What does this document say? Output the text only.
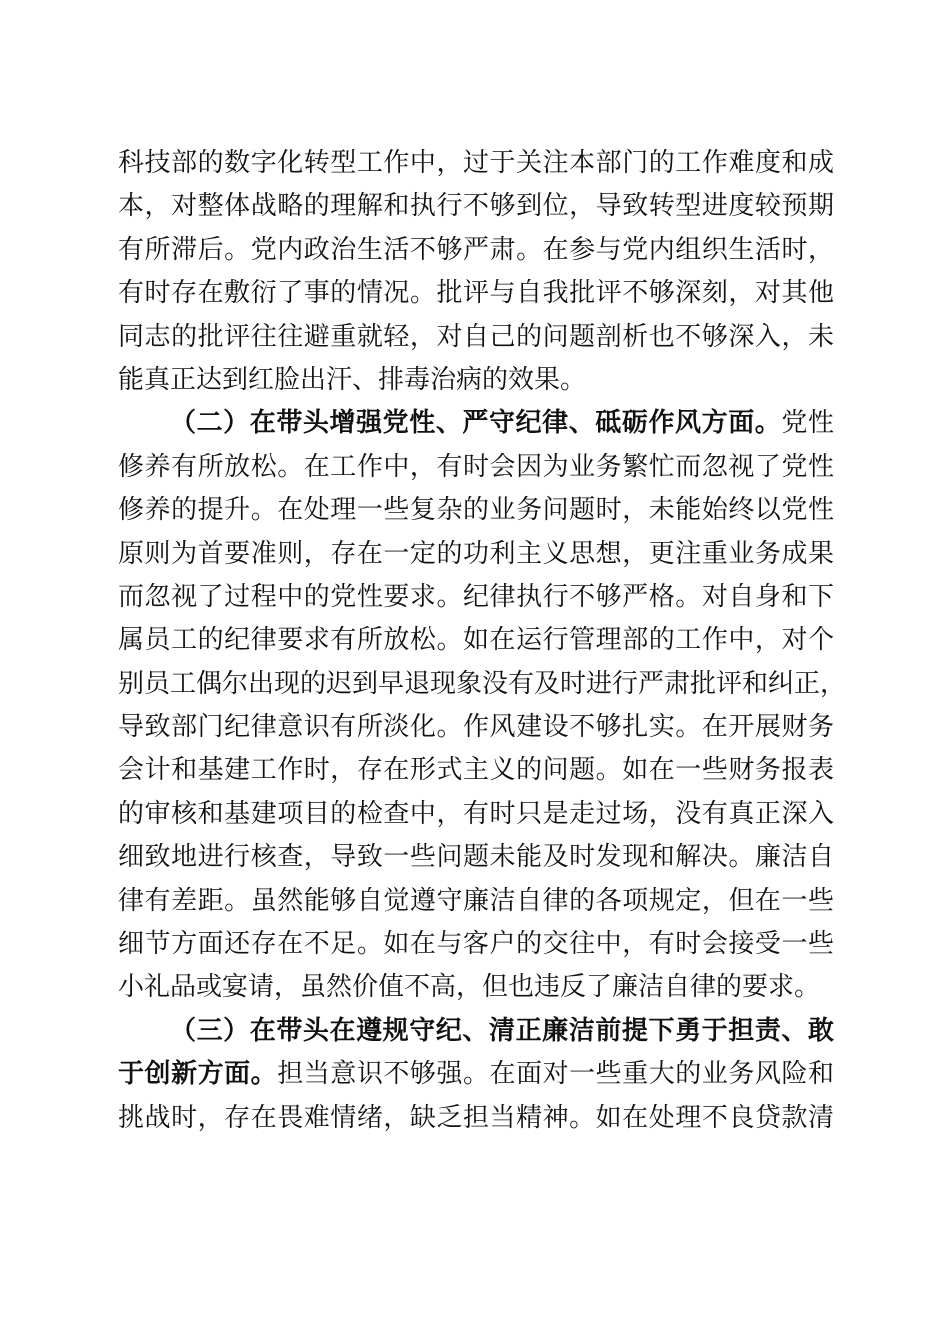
科技部的数字化转型工作中，过于关注本部门的工作难度和成
本，对整体战略的理解和执行不够到位，导致转型进度较预期
有所滞后。党内政治生活不够严肃。在参与党内组织生活时，
有时存在敷衍了事的情况。批评与自我批评不够深刻，对其他
同志的批评往往避重就轻，对自己的问题剖析也不够深入，未
能真正达到红脸出汗、排毒治病的效果。
（二）在带头增强党性、严守纪律、砥砺作风方面。党性
修养有所放松。在工作中，有时会因为业务繁忙而忽视了党性
修养的提升。在处理一些复杂的业务问题时，未能始终以党性
原则为首要准则，存在一定的功利主义思想，更注重业务成果
而忽视了过程中的党性要求。纪律执行不够严格。对自身和下
属员工的纪律要求有所放松。如在运行管理部的工作中，对个
别员工偶尔出现的迟到早退现象没有及时进行严肃批评和纠正，
导致部门纪律意识有所淡化。作风建设不够扎实。在开展财务
会计和基建工作时，存在形式主义的问题。如在一些财务报表
的审核和基建项目的检查中，有时只是走过场，没有真正深入
细致地进行核查，导致一些问题未能及时发现和解决。廉洁自
律有差距。虽然能够自觉遵守廉洁自律的各项规定，但在一些
细节方面还存在不足。如在与客户的交往中，有时会接受一些
小礼品或宴请，虽然价值不高，但也违反了廉洁自律的要求。
（三）在带头在遵规守纪、清正廉洁前提下勇于担责、敢
于创新方面。担当意识不够强。在面对一些重大的业务风险和
挑战时，存在畏难情绪，缺乏担当精神。如在处理不良贷款清
